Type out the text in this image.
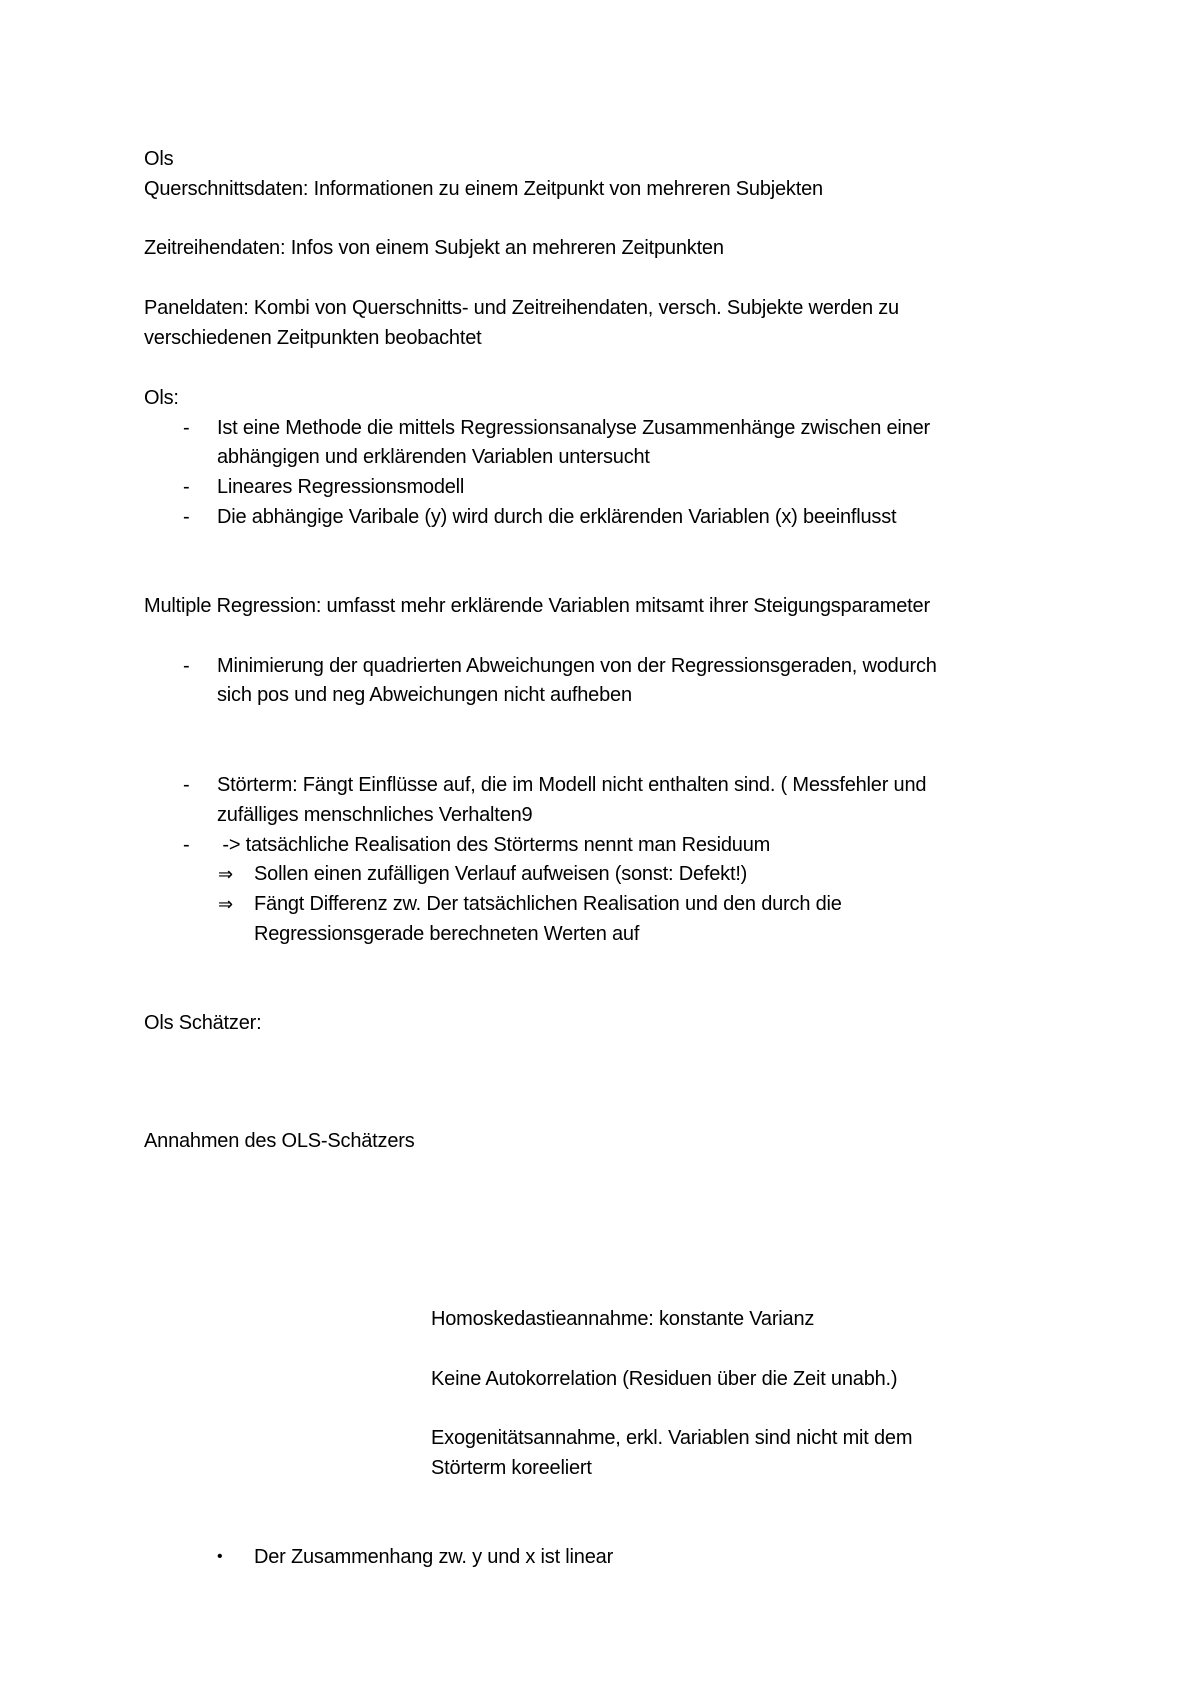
Ols
Querschnittsdaten: Informationen zu einem Zeitpunkt von mehreren Subjekten
Zeitreihendaten: Infos von einem Subjekt an mehreren Zeitpunkten
Paneldaten: Kombi von Querschnitts- und Zeitreihendaten, versch. Subjekte werden zu
verschiedenen Zeitpunkten beobachtet
Ols:
- Ist eine Methode die mittels Regressionsanalyse Zusammenhänge zwischen einer
abhängigen und erklärenden Variablen untersucht
- Lineares Regressionsmodell
- Die abhängige Varibale (y) wird durch die erklärenden Variablen (x) beeinflusst
Multiple Regression: umfasst mehr erklärende Variablen mitsamt ihrer Steigungsparameter
- Minimierung der quadrierten Abweichungen von der Regressionsgeraden, wodurch
sich pos und neg Abweichungen nicht aufheben
- Störterm: Fängt Einflüsse auf, die im Modell nicht enthalten sind. ( Messfehler und
zufälliges menschnliches Verhalten9
- -> tatsächliche Realisation des Störterms nennt man Residuum
⇒ Sollen einen zufälligen Verlauf aufweisen (sonst: Defekt!)
⇒ Fängt Differenz zw. Der tatsächlichen Realisation und den durch die
Regressionsgerade berechneten Werten auf
Ols Schätzer:
Annahmen des OLS-Schätzers
Homoskedastieannahme: konstante Varianz
Keine Autokorrelation (Residuen über die Zeit unabh.)
Exogenitätsannahme, erkl. Variablen sind nicht mit dem
Störterm koreeliert
• Der Zusammenhang zw. y und x ist linear
